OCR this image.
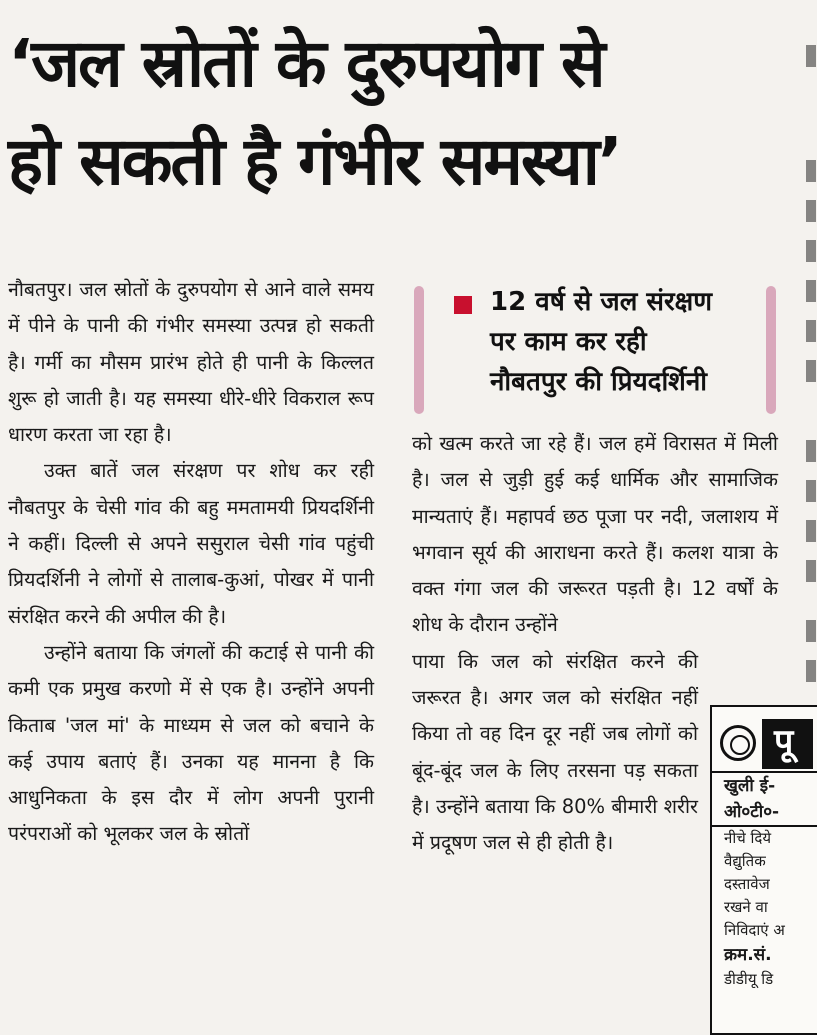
‘जल स्रोतों के दुरुपयोग से
हो सकती है गंभीर समस्या’

नौबतपुर। जल स्रोतों के दुरुपयोग से आने वाले समय में पीने के पानी की गंभीर समस्या उत्पन्न हो सकती है। गर्मी का मौसम प्रारंभ होते ही पानी के किल्लत शुरू हो जाती है। यह समस्या धीरे-धीरे विकराल रूप धारण करता जा रहा है।

उक्त बातें जल संरक्षण पर शोध कर रही नौबतपुर के चेसी गांव की बहु ममतामयी प्रियदर्शिनी ने कहीं। दिल्ली से अपने ससुराल चेसी गांव पहुंची प्रियदर्शिनी ने लोगों से तालाब-कुआं, पोखर में पानी संरक्षित करने की अपील की है।

उन्होंने बताया कि जंगलों की कटाई से पानी की कमी एक प्रमुख करणो में से एक है। उन्होंने अपनी किताब 'जल मां' के माध्यम से जल को बचाने के कई उपाय बताएं हैं। उनका यह मानना है कि आधुनिकता के इस दौर में लोग अपनी पुरानी परंपराओं को भूलकर जल के स्रोतों

12 वर्ष से जल संरक्षण
पर काम कर रही
नौबतपुर की प्रियदर्शिनी

को खत्म करते जा रहे हैं। जल हमें विरासत में मिली है। जल से जुड़ी हुई कई धार्मिक और सामाजिक मान्यताएं हैं। महापर्व छठ पूजा पर नदी, जलाशय में भगवान सूर्य की आराधना करते हैं। कलश यात्रा के वक्त गंगा जल की जरूरत पड़ती है। 12 वर्षों के शोध के दौरान उन्होंने

पाया कि जल को संरक्षित करने की जरूरत है। अगर जल को संरक्षित नहीं किया तो वह दिन दूर नहीं जब लोगों को बूंद-बूंद जल के लिए तरसना पड़ सकता है। उन्होंने बताया कि 80% बीमारी शरीर में प्रदूषण जल से ही होती है।

पू
खुली ई-
ओ०टी०-
नीचे दिये
वैद्युतिक
दस्तावेज
रखने वा
निविदाएं अ
क्रम.सं.
डीडीयू डि
